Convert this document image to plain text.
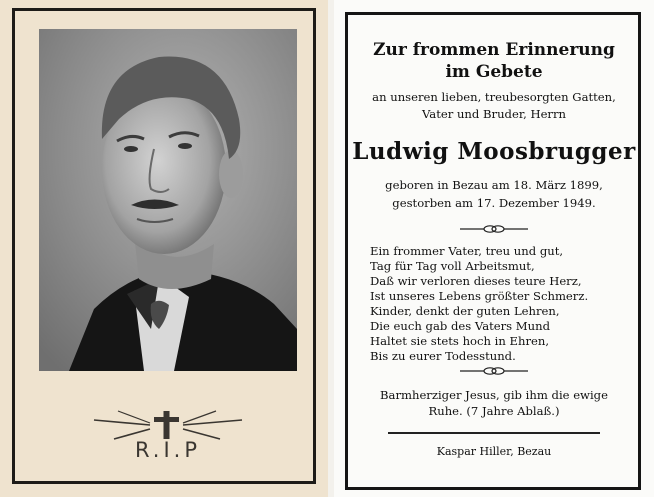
R.I.P
Zur frommen Erinnerung
im Gebete
an unseren lieben, treubesorgten Gatten,
Vater und Bruder, Herrn
Ludwig Moosbrugger
geboren in Bezau am 18. März 1899,
gestorben am 17. Dezember 1949.
Ein frommer Vater, treu und gut,
Tag für Tag voll Arbeitsmut,
Daß wir verloren dieses teure Herz,
Ist unseres Lebens größter Schmerz.
Kinder, denkt der guten Lehren,
Die euch gab des Vaters Mund
Haltet sie stets hoch in Ehren,
Bis zu eurer Todesstund.
Barmherziger Jesus, gib ihm die ewige
Ruhe. (7 Jahre Ablaß.)
Kaspar Hiller, Bezau
